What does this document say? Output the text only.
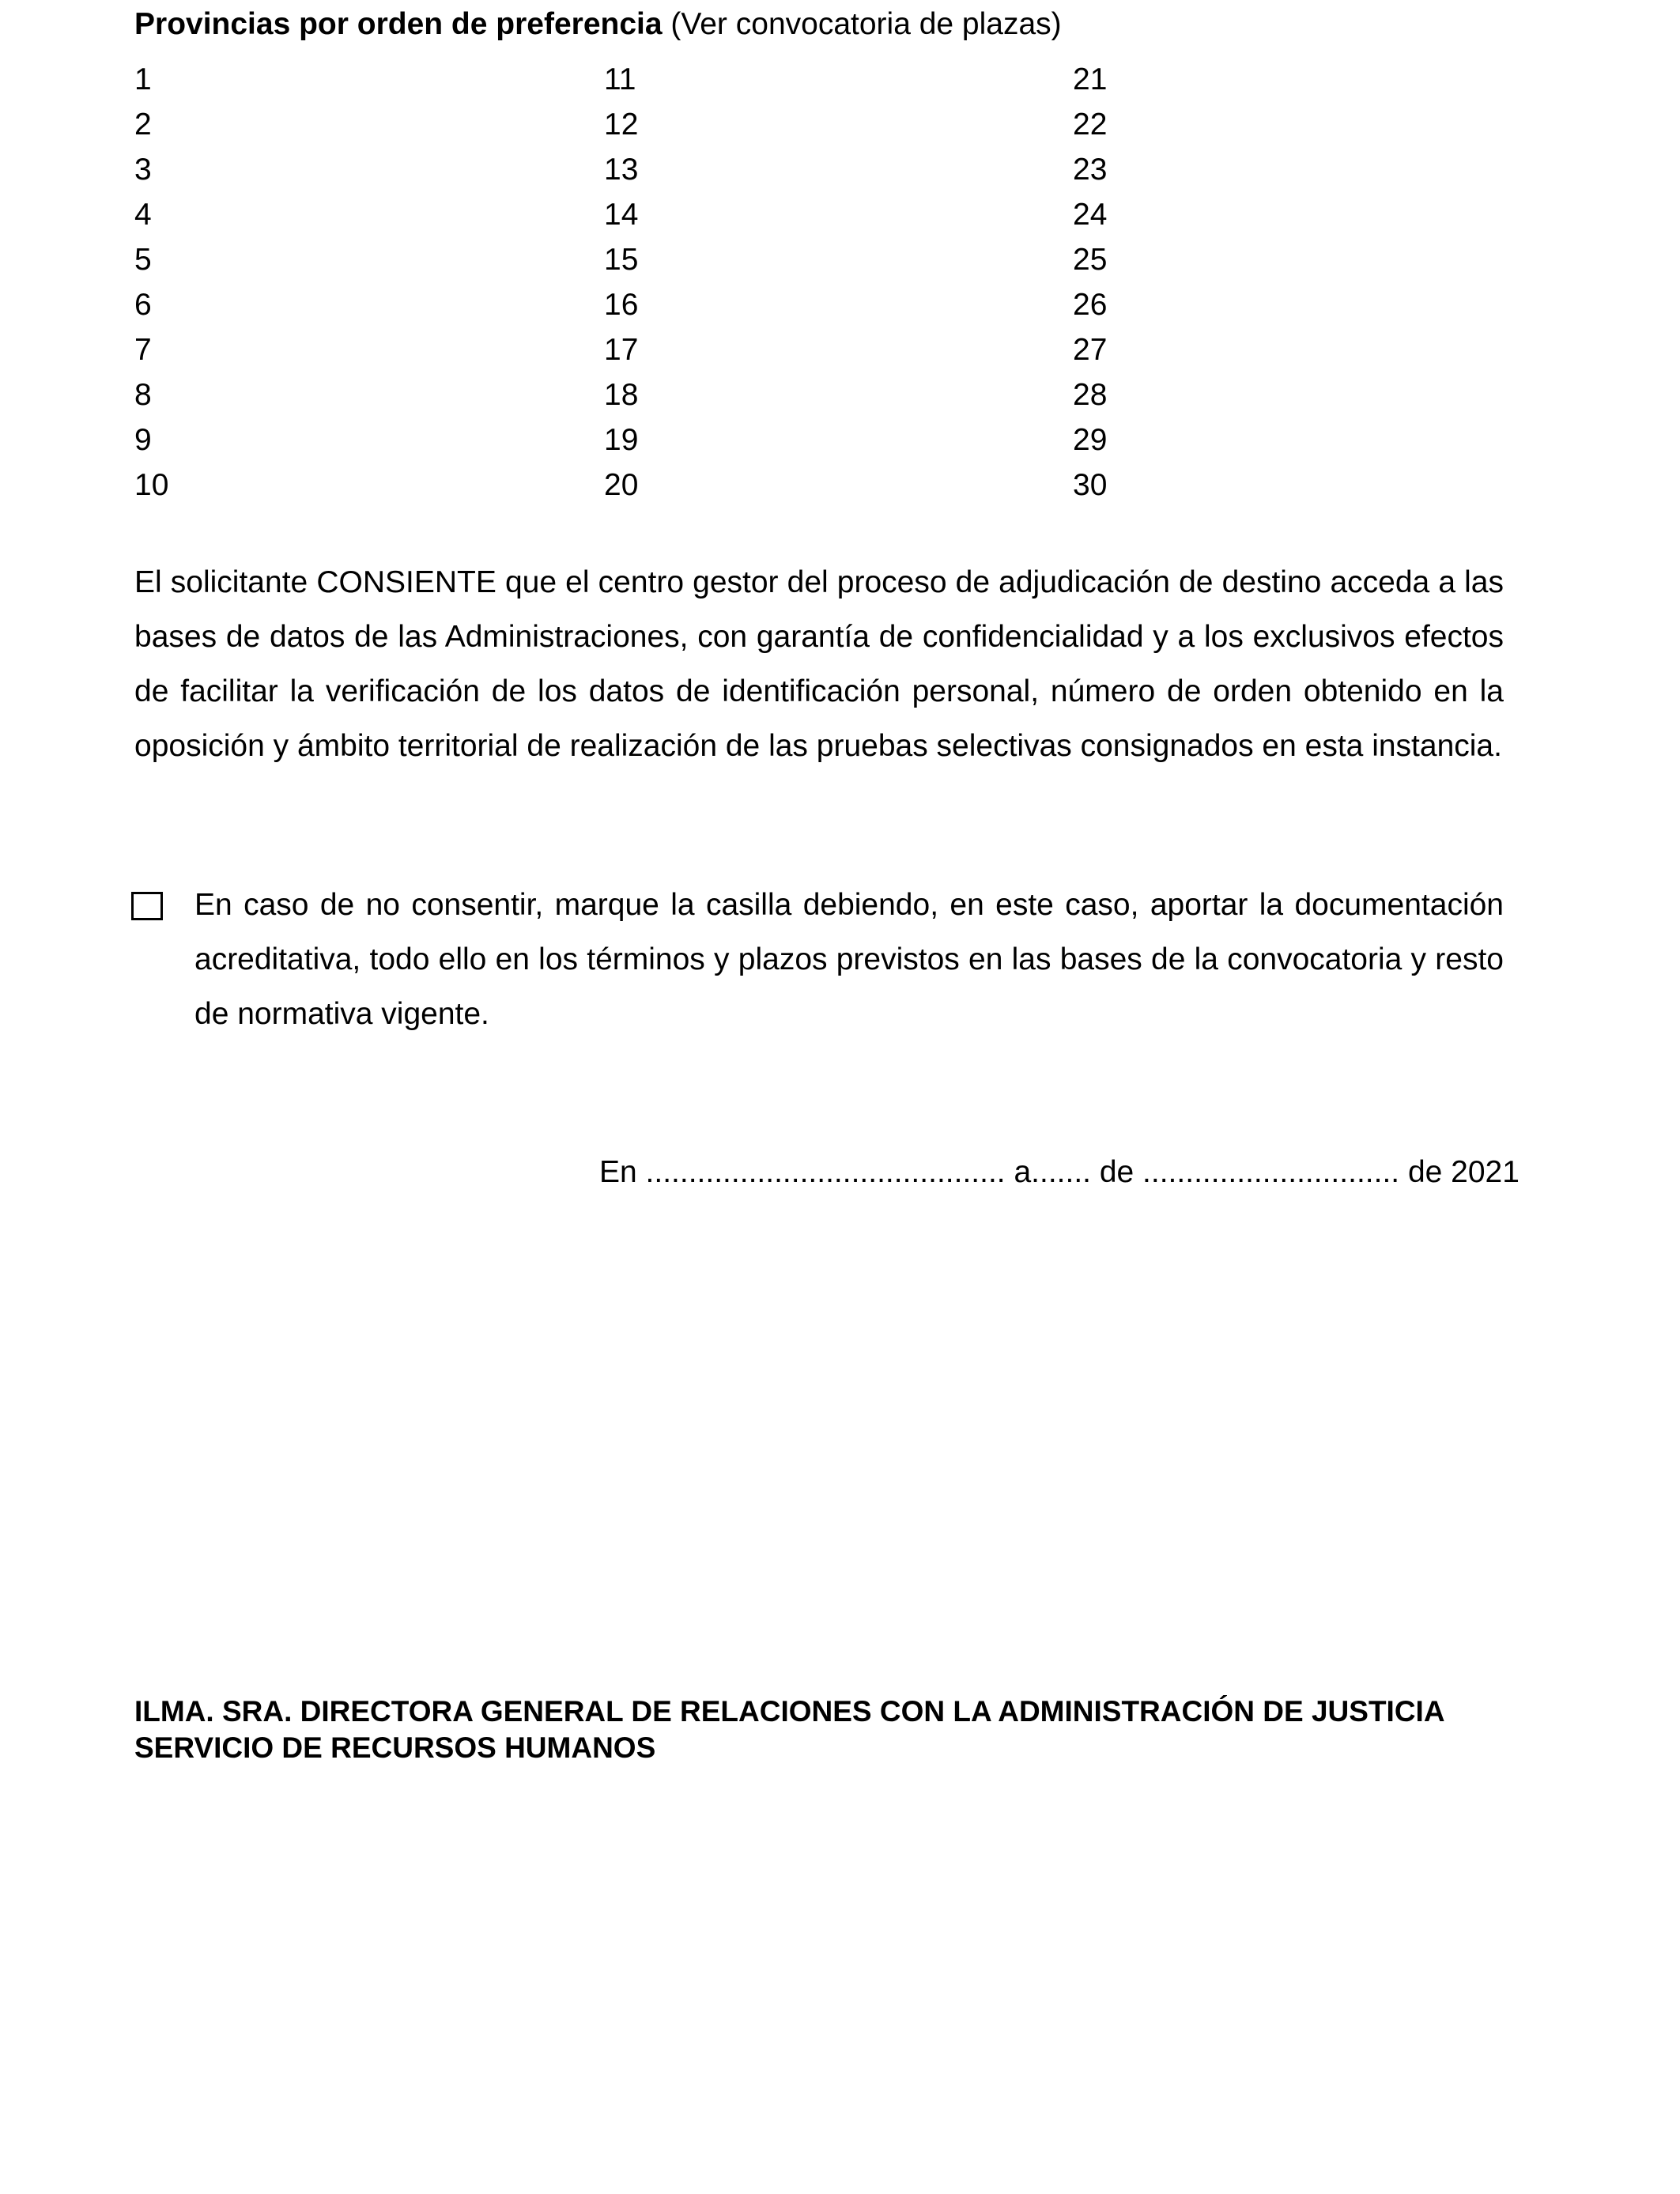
Provincias por orden de preferencia (Ver convocatoria de plazas)
1
2
3
4
5
6
7
8
9
10
11
12
13
14
15
16
17
18
19
20
21
22
23
24
25
26
27
28
29
30

El solicitante CONSIENTE que el centro gestor del proceso de adjudicación de destino acceda a las bases de datos de las Administraciones, con garantía de confidencialidad y a los exclusivos efectos de facilitar la verificación de los datos de identificación personal, número de orden obtenido en la oposición y ámbito territorial de realización de las pruebas selectivas consignados en esta instancia.

En caso de no consentir, marque la casilla debiendo, en este caso, aportar la documentación acreditativa, todo ello en los términos y plazos previstos en las bases de la convocatoria y resto de normativa vigente.

En .......................................... a....... de .............................. de 2021
ILMA. SRA. DIRECTORA GENERAL DE RELACIONES CON LA ADMINISTRACIÓN DE JUSTICIA
SERVICIO DE RECURSOS HUMANOS
